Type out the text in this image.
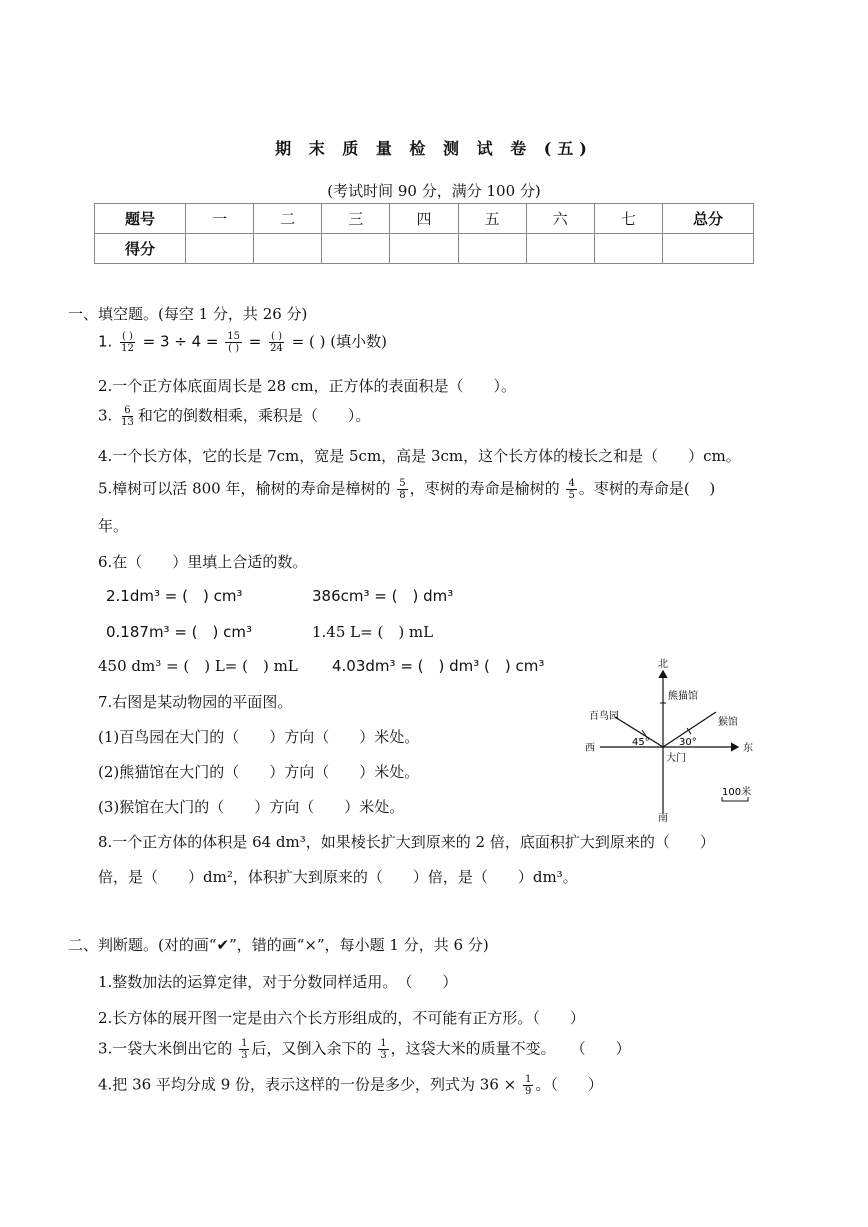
期 末 质 量 检 测 试 卷 (五)
(考试时间 90 分，满分 100 分)
题号	一	二	三	四	五	六	七	总分
得分								
一、填空题。(每空 1 分，共 26 分)
1. $\frac{( )}{12} = 3 \div 4 = \frac{15}{( )} = \frac{( )}{24}$ = ( ) (填小数)
2.一个正方体底面周长是 28 cm，正方体的表面积是（　　）。
3. $\frac{6}{13}$ 和它的倒数相乘，乘积是（　　）。
4.一个长方体，它的长是 7cm，宽是 5cm，高是 3cm，这个长方体的棱长之和是（　　）cm。
5.樟树可以活 800 年，榆树的寿命是樟树的 $\frac{5}{8}$ ，枣树的寿命是榆树的 $\frac{4}{5}$ 。枣树的寿命是(　 )
年。
6.在（　　）里填上合适的数。
2.1dm³ = (　) cm³	386cm³ = (　) dm³
0.187m³ = (　) cm³	1.45 L= (　) mL
450 dm³ = (　) L= (　) mL 4.03dm³ = (　) dm³ (　) cm³
7.右图是某动物园的平面图。
(1)百鸟园在大门的（　　）方向（　　）米处。
(2)熊猫馆在大门的（　　）方向（　　）米处。
(3)猴馆在大门的（　　）方向（　　）米处。
北
南
西	东
大门
熊猫馆
百鸟园
猴馆
45°	30°
100米
8.一个正方体的体积是 64 dm³，如果棱长扩大到原来的 2 倍，底面积扩大到原来的（　　）
倍，是（　　）dm²，体积扩大到原来的（　　）倍，是（　　）dm³。
二、判断题。(对的画“✔”，错的画“×”，每小题 1 分，共 6 分)
1.整数加法的运算定律，对于分数同样适用。　（　　）
2.长方体的展开图一定是由六个长方形组成的，不可能有正方形。（　　）
3.一袋大米倒出它的 $\frac{1}{3}$ 后，又倒入余下的 $\frac{1}{3}$ ，这袋大米的质量不变。　　（　　）
4.把 36 平均分成 9 份，表示这样的一份是多少，列式为 $36 \times \frac{1}{9}$ 。（　　）
